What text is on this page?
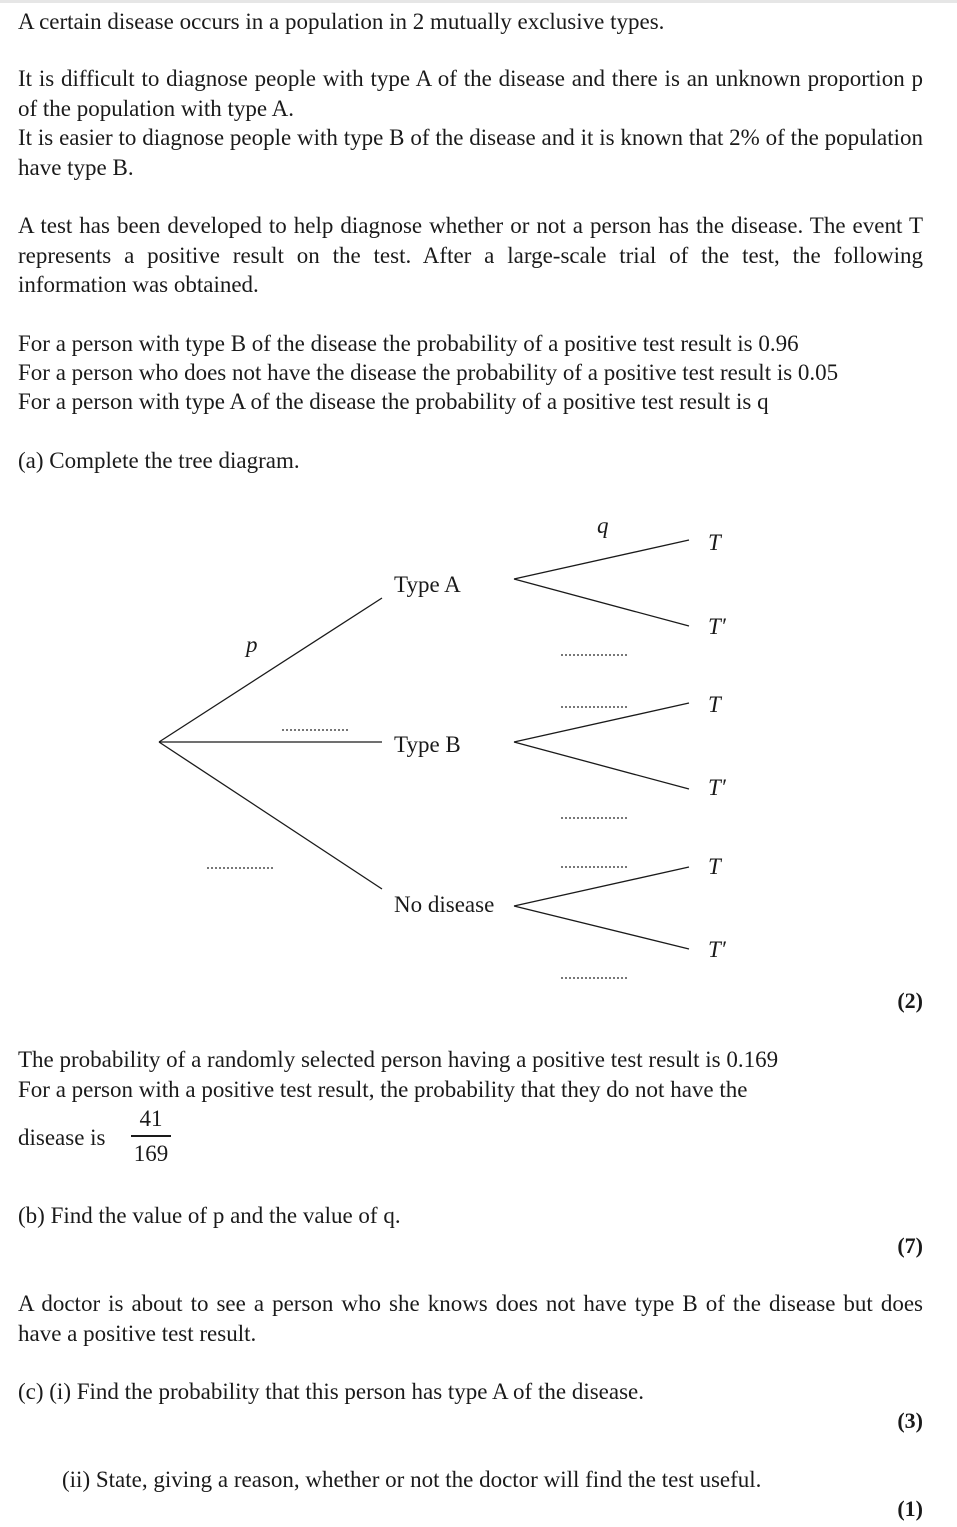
A certain disease occurs in a population in 2 mutually exclusive types.

It is difficult to diagnose people with type A of the disease and there is an unknown proportion p of the population with type A.

It is easier to diagnose people with type B of the disease and it is known that 2% of the population have type B.

A test has been developed to help diagnose whether or not a person has the disease. The event T represents a positive result on the test. After a large-scale trial of the test, the following information was obtained.

For a person with type B of the disease the probability of a positive test result is 0.96

For a person who does not have the disease the probability of a positive test result is 0.05

For a person with type A of the disease the probability of a positive test result is q

(a) Complete the tree diagram.

p
q
Type A
Type B
No disease
T
T′
T
T′
T
T′
(2)

The probability of a randomly selected person having a positive test result is 0.169

For a person with a positive test result, the probability that they do not have the

disease is

41
169

(b) Find the value of p and the value of q.

(7)

A doctor is about to see a person who she knows does not have type B of the disease but does have a positive test result.

(c) (i) Find the probability that this person has type A of the disease.

(3)

(ii) State, giving a reason, whether or not the doctor will find the test useful.

(1)
